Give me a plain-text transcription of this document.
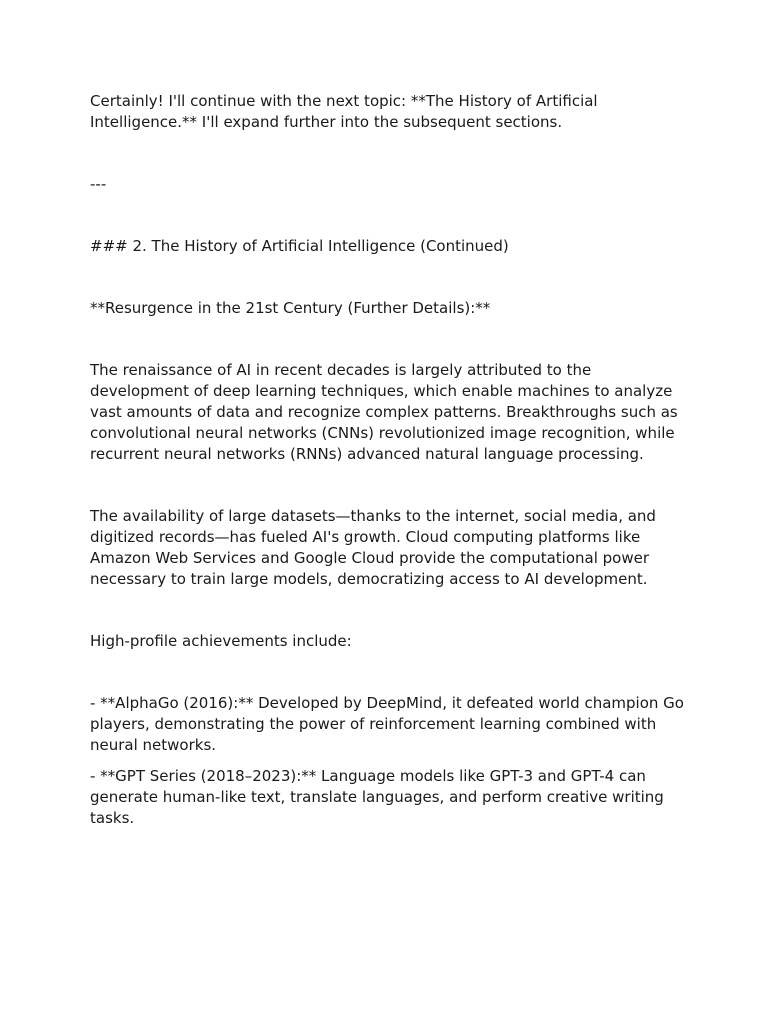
Certainly! I'll continue with the next topic: **The History of Artificial Intelligence.** I'll expand further into the subsequent sections.

---

### 2. The History of Artificial Intelligence (Continued)

**Resurgence in the 21st Century (Further Details):**

The renaissance of AI in recent decades is largely attributed to the development of deep learning techniques, which enable machines to analyze vast amounts of data and recognize complex patterns. Breakthroughs such as convolutional neural networks (CNNs) revolutionized image recognition, while recurrent neural networks (RNNs) advanced natural language processing.

The availability of large datasets—thanks to the internet, social media, and digitized records—has fueled AI's growth. Cloud computing platforms like Amazon Web Services and Google Cloud provide the computational power necessary to train large models, democratizing access to AI development.

High-profile achievements include:

- **AlphaGo (2016):** Developed by DeepMind, it defeated world champion Go players, demonstrating the power of reinforcement learning combined with neural networks.

- **GPT Series (2018–2023):** Language models like GPT-3 and GPT-4 can generate human-like text, translate languages, and perform creative writing tasks.
